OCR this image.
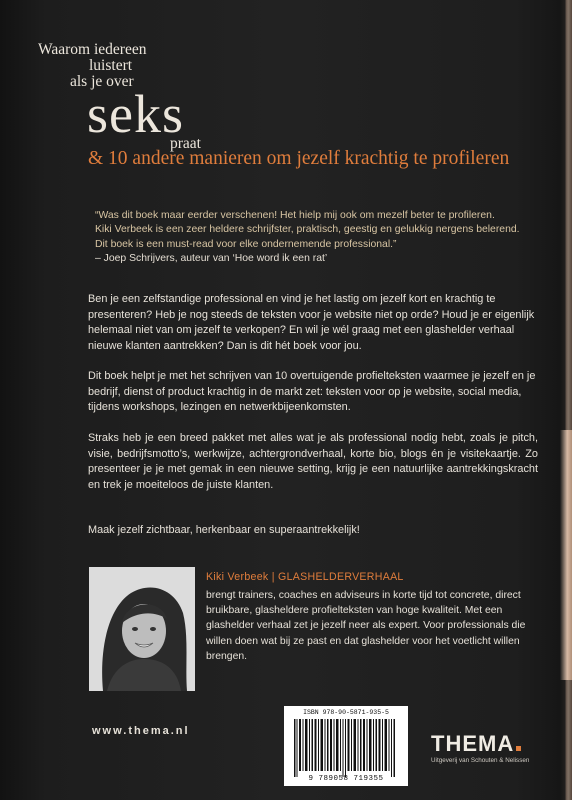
Waarom iedereen
luistert
als je over
seks
praat
& 10 andere manieren om jezelf krachtig te profileren
“Was dit boek maar eerder verschenen! Het hielp mij ook om mezelf beter te profileren.
Kiki Verbeek is een zeer heldere schrijfster, praktisch, geestig en gelukkig nergens belerend.
Dit boek is een must-read voor elke ondernemende professional.”
– Joep Schrijvers, auteur van ‘Hoe word ik een rat’
Ben je een zelfstandige professional en vind je het lastig om jezelf kort en krachtig te presenteren? Heb je nog steeds de teksten voor je website niet op orde? Houd je er eigenlijk helemaal niet van om jezelf te verkopen? En wil je wél graag met een glashelder verhaal nieuwe klanten aantrekken? Dan is dit hét boek voor jou.
Dit boek helpt je met het schrijven van 10 overtuigende profielteksten waarmee je jezelf en je bedrijf, dienst of product krachtig in de markt zet: teksten voor op je website, social media, tijdens workshops, lezingen en netwerkbijeenkomsten.
Straks heb je een breed pakket met alles wat je als professional nodig hebt, zoals je pitch, visie, bedrijfsmotto’s, werkwijze, achtergrondverhaal, korte bio, blogs én je visitekaartje. Zo presenteer je je met gemak in een nieuwe setting, krijg je een natuurlijke aantrekkingskracht en trek je moeiteloos de juiste klanten.
Maak jezelf zichtbaar, herkenbaar en superaantrekkelijk!
Kiki Verbeek | GLASHELDERVERHAAL
brengt trainers, coaches en adviseurs in korte tijd tot concrete, direct bruikbare, glasheldere profielteksten van hoge kwaliteit. Met een glashelder verhaal zet je jezelf neer als expert. Voor professionals die willen doen wat bij ze past en dat glashelder voor het voetlicht willen brengen.
www.thema.nl
ISBN 978-90-5871-935-5
9 789058 719355
THEMA
Uitgeverij van Schouten & Nelissen
